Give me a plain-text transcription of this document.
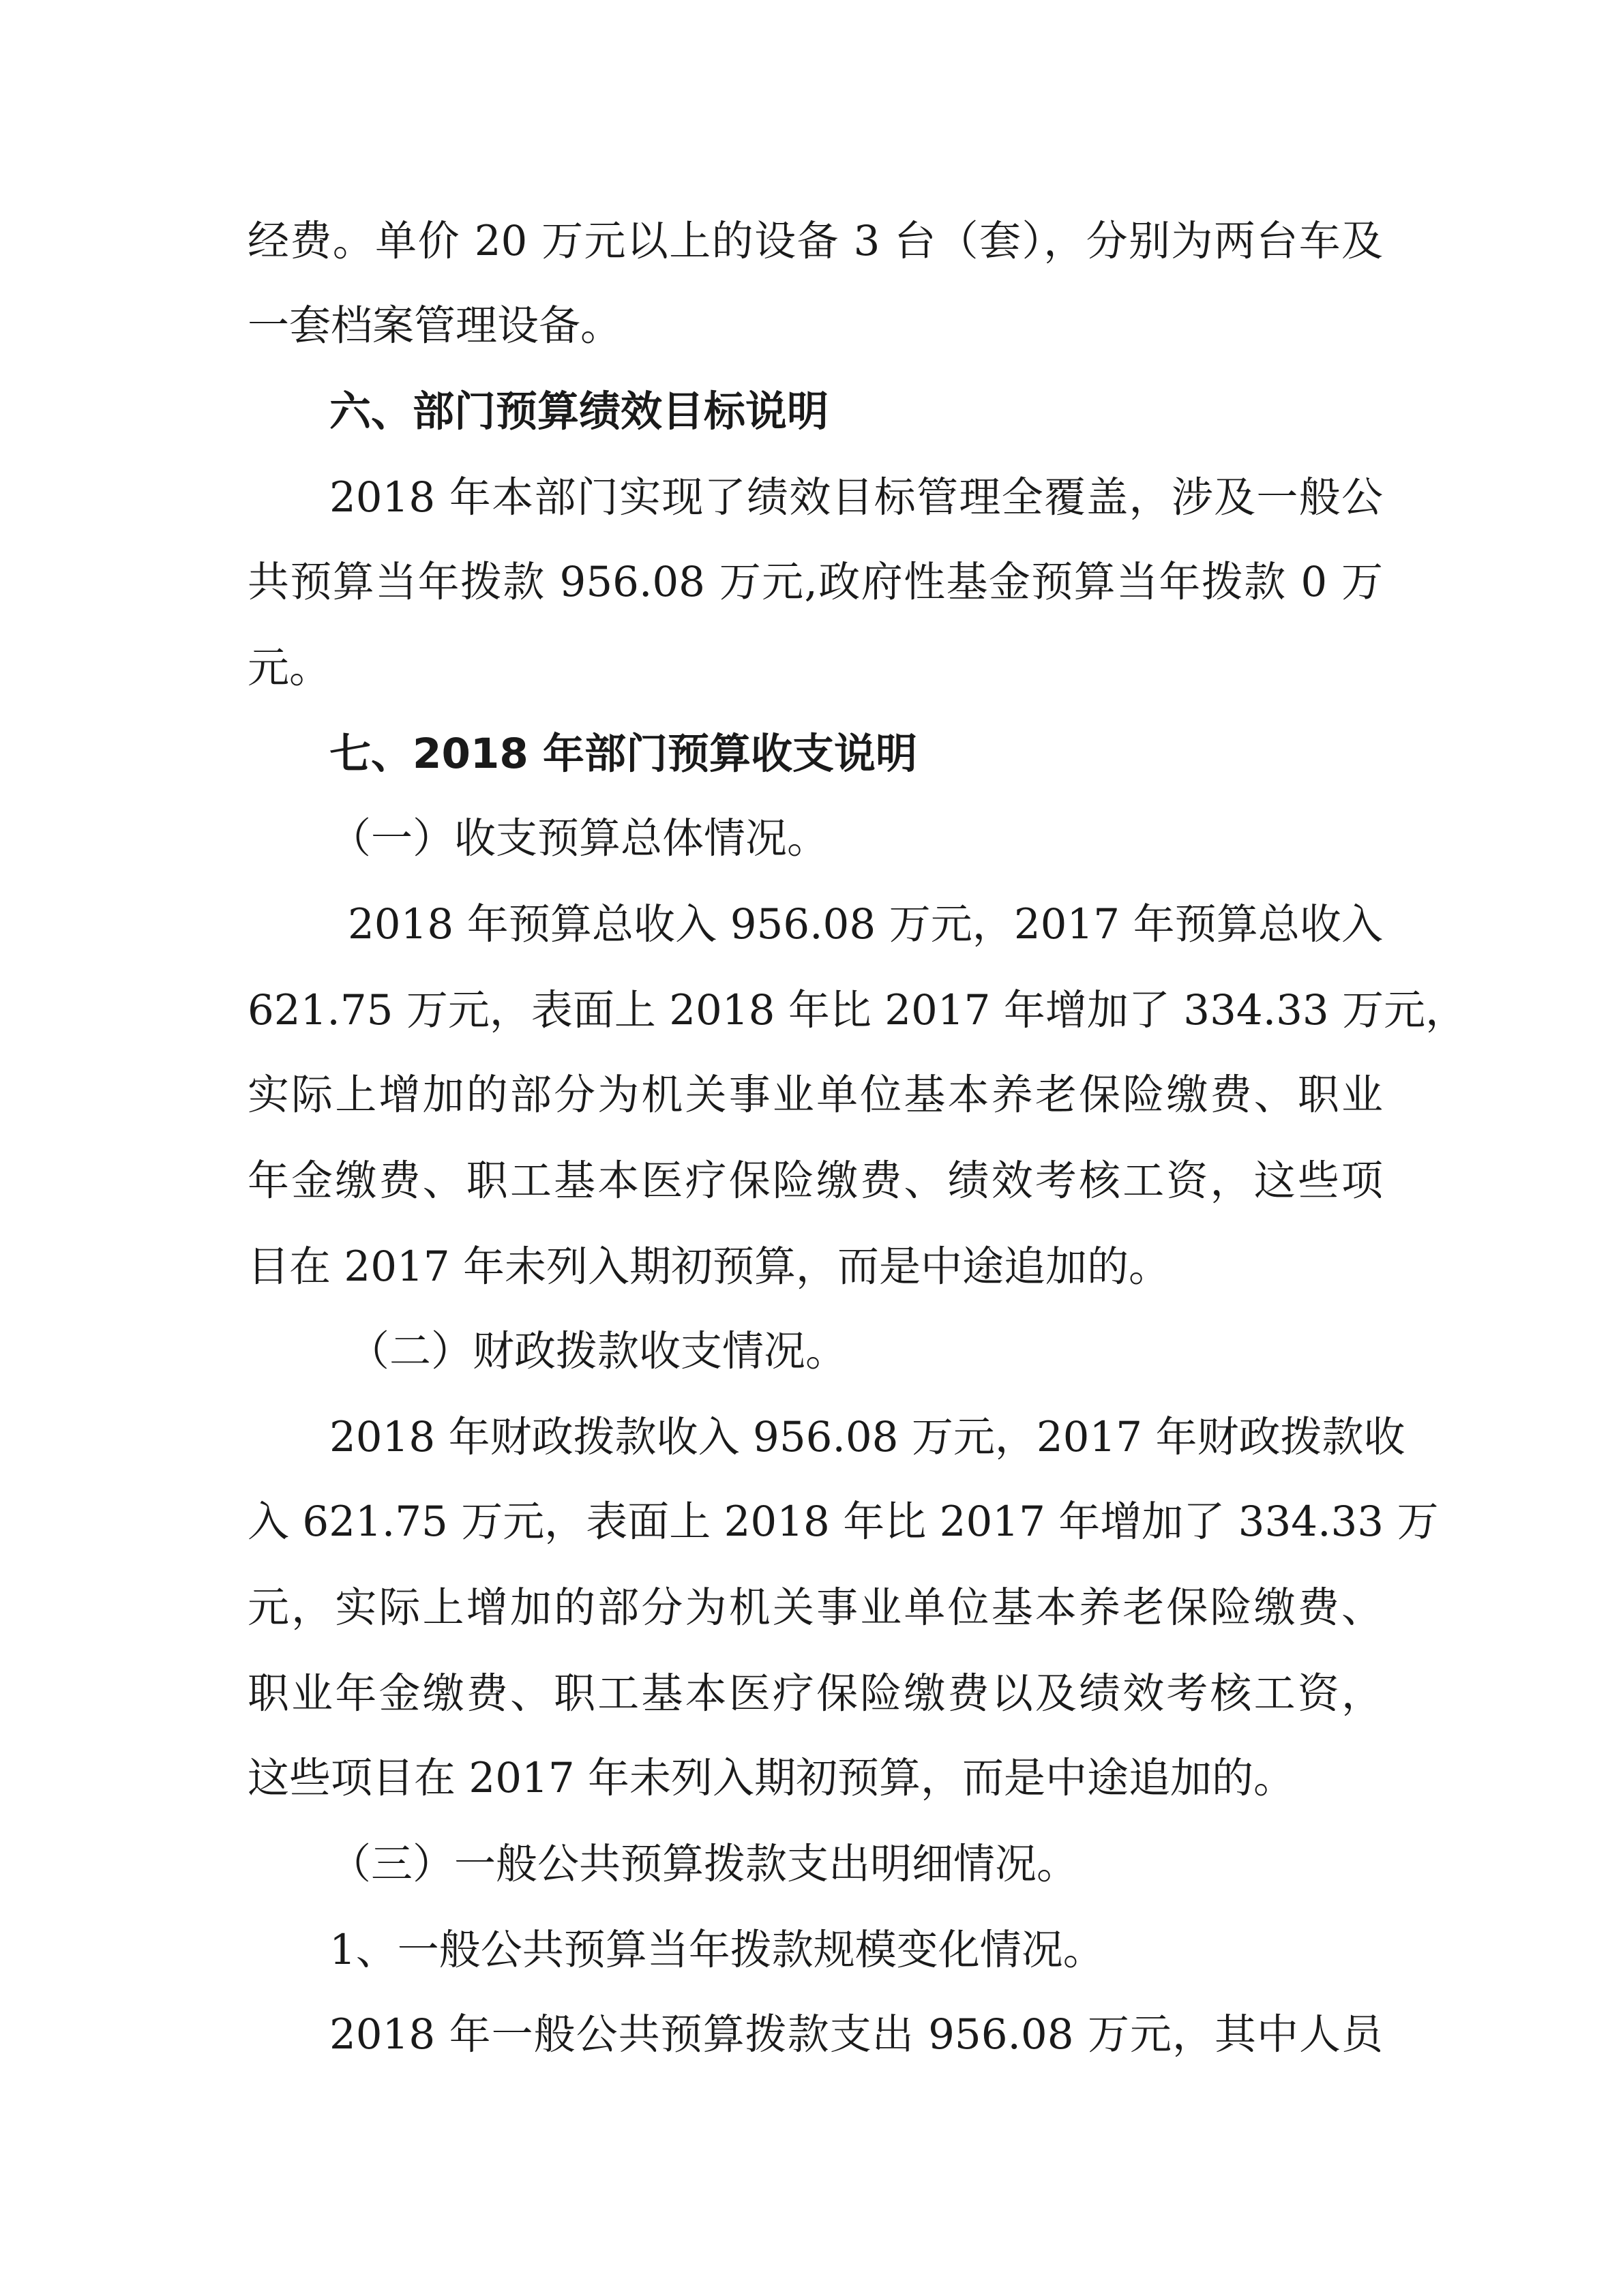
经费。单价 20 万元以上的设备 3 台（套），分别为两台车及

一套档案管理设备。

六、部门预算绩效目标说明

2018 年本部门实现了绩效目标管理全覆盖，涉及一般公

共预算当年拨款 956.08 万元,政府性基金预算当年拨款 0 万

元。

七、2018 年部门预算收支说明

（一）收支预算总体情况。

2018 年预算总收入 956.08 万元，2017 年预算总收入

621.75 万元，表面上 2018 年比 2017 年增加了 334.33 万元，

实际上增加的部分为机关事业单位基本养老保险缴费、职业

年金缴费、职工基本医疗保险缴费、绩效考核工资，这些项

目在 2017 年未列入期初预算，而是中途追加的。

（二）财政拨款收支情况。

2018 年财政拨款收入 956.08 万元，2017 年财政拨款收

入 621.75 万元，表面上 2018 年比 2017 年增加了 334.33 万

元，实际上增加的部分为机关事业单位基本养老保险缴费、

职业年金缴费、职工基本医疗保险缴费以及绩效考核工资，

这些项目在 2017 年未列入期初预算，而是中途追加的。

（三）一般公共预算拨款支出明细情况。

1、一般公共预算当年拨款规模变化情况。

2018 年一般公共预算拨款支出 956.08 万元，其中人员
